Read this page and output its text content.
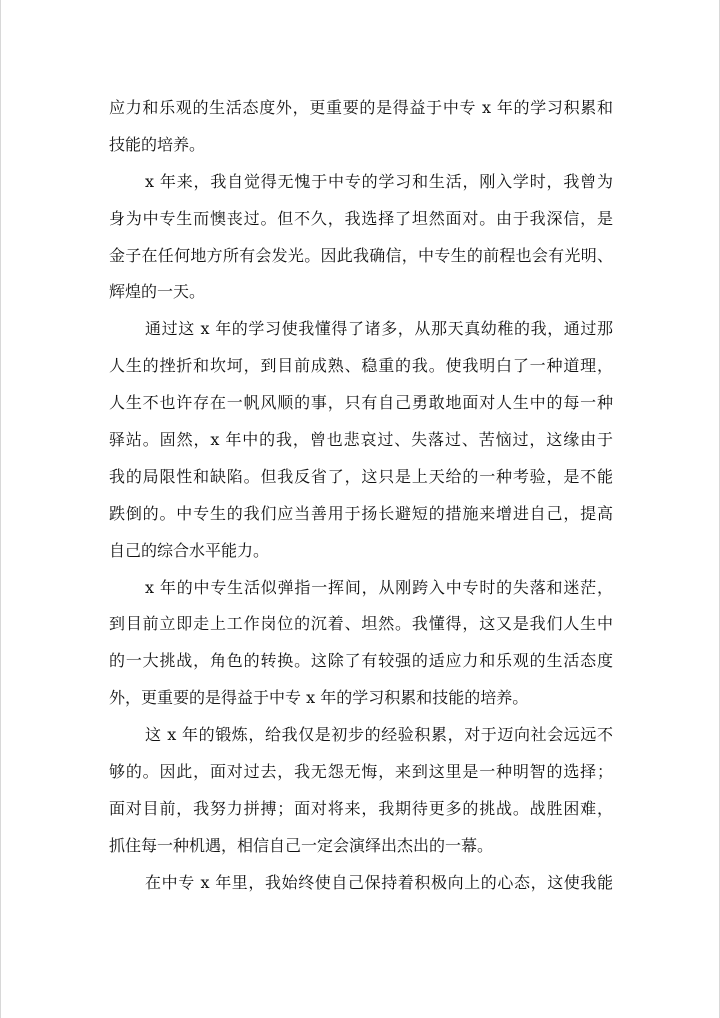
应力和乐观的生活态度外，更重要的是得益于中专 x 年的学习积累和
技能的培养。
x 年来，我自觉得无愧于中专的学习和生活，刚入学时，我曾为
身为中专生而懊丧过。但不久，我选择了坦然面对。由于我深信，是
金子在任何地方所有会发光。因此我确信，中专生的前程也会有光明、
辉煌的一天。
通过这 x 年的学习使我懂得了诸多，从那天真幼稚的我，通过那
人生的挫折和坎坷，到目前成熟、稳重的我。使我明白了一种道理，
人生不也许存在一帆风顺的事，只有自己勇敢地面对人生中的每一种
驿站。固然，x 年中的我，曾也悲哀过、失落过、苦恼过，这缘由于
我的局限性和缺陷。但我反省了，这只是上天给的一种考验，是不能
跌倒的。中专生的我们应当善用于扬长避短的措施来增进自己，提高
自己的综合水平能力。
x 年的中专生活似弹指一挥间，从刚跨入中专时的失落和迷茫，
到目前立即走上工作岗位的沉着、坦然。我懂得，这又是我们人生中
的一大挑战，角色的转换。这除了有较强的适应力和乐观的生活态度
外，更重要的是得益于中专 x 年的学习积累和技能的培养。
这 x 年的锻炼，给我仅是初步的经验积累，对于迈向社会远远不
够的。因此，面对过去，我无怨无悔，来到这里是一种明智的选择；
面对目前，我努力拼搏；面对将来，我期待更多的挑战。战胜困难，
抓住每一种机遇，相信自己一定会演绎出杰出的一幕。
在中专 x 年里，我始终使自己保持着积极向上的心态，这使我能
